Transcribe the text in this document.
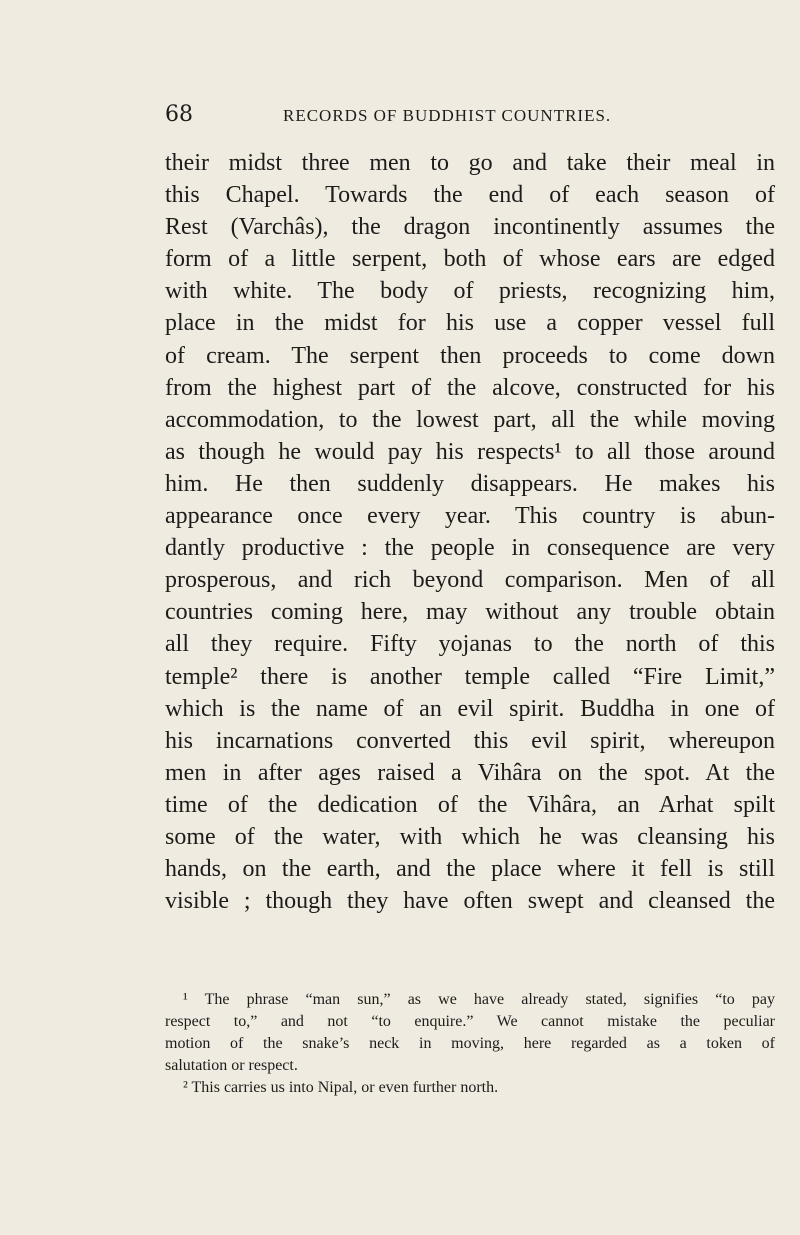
68	RECORDS OF BUDDHIST COUNTRIES.
their midst three men to go and take their meal in
this Chapel. Towards the end of each season of
Rest (Varchâs), the dragon incontinently assumes the
form of a little serpent, both of whose ears are edged
with white. The body of priests, recognizing him,
place in the midst for his use a copper vessel full
of cream. The serpent then proceeds to come down
from the highest part of the alcove, constructed for his
accommodation, to the lowest part, all the while moving
as though he would pay his respects¹ to all those around
him. He then suddenly disappears. He makes his
appearance once every year. This country is abun-
dantly productive : the people in consequence are very
prosperous, and rich beyond comparison. Men of all
countries coming here, may without any trouble obtain
all they require. Fifty yojanas to the north of this
temple² there is another temple called “Fire Limit,”
which is the name of an evil spirit. Buddha in one of
his incarnations converted this evil spirit, whereupon
men in after ages raised a Vihâra on the spot. At the
time of the dedication of the Vihâra, an Arhat spilt
some of the water, with which he was cleansing his
hands, on the earth, and the place where it fell is still
visible ; though they have often swept and cleansed the
¹ The phrase “man sun,” as we have already stated, signifies “to pay
respect to,” and not “to enquire.” We cannot mistake the peculiar
motion of the snake’s neck in moving, here regarded as a token of
salutation or respect.
² This carries us into Nipal, or even further north.
